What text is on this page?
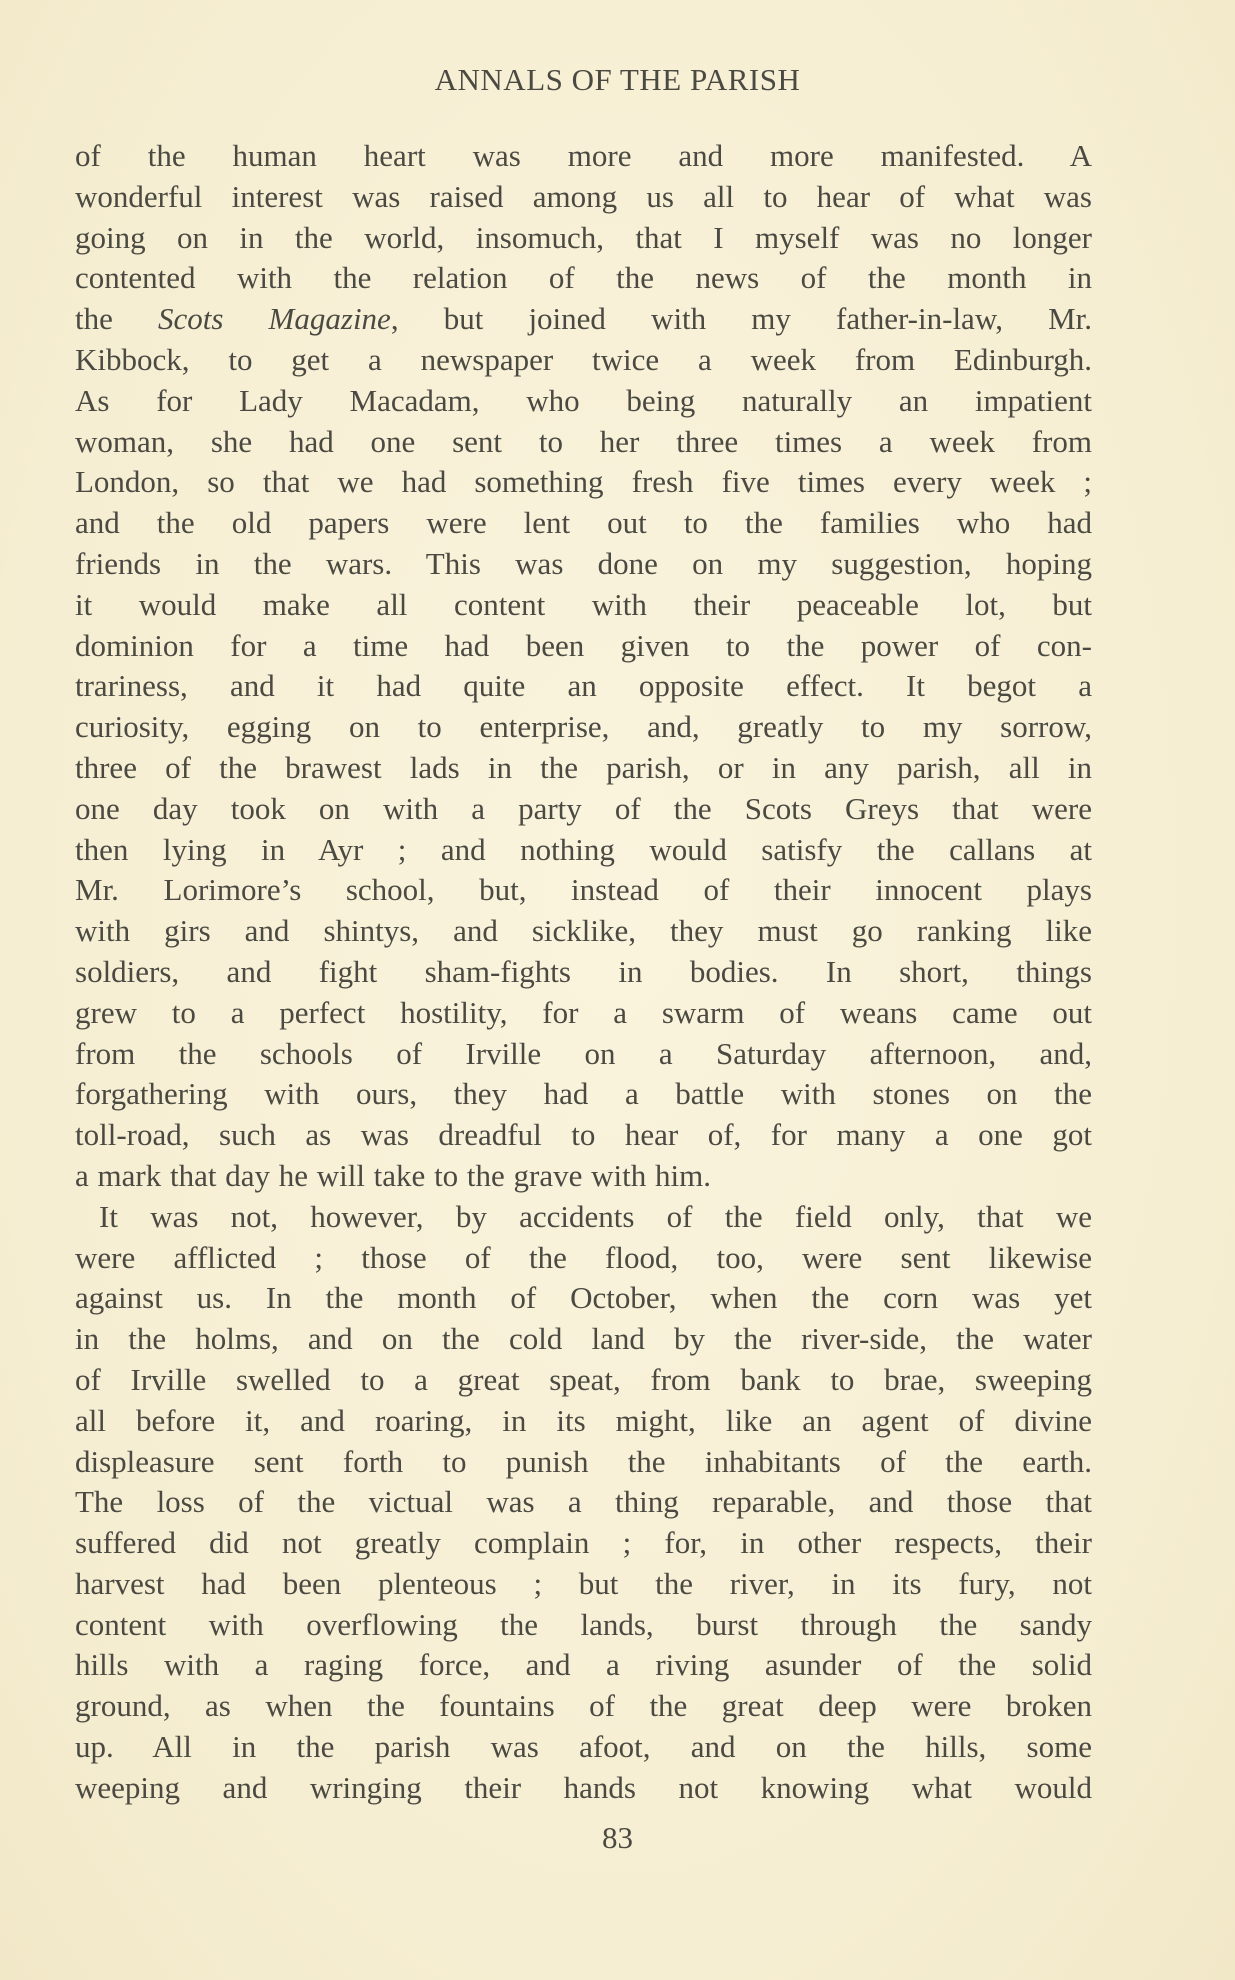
ANNALS OF THE PARISH
of the human heart was more and more manifested. A
wonderful interest was raised among us all to hear of what was
going on in the world, insomuch, that I myself was no longer
contented with the relation of the news of the month in
the Scots Magazine, but joined with my father-in-law, Mr.
Kibbock, to get a newspaper twice a week from Edinburgh.
As for Lady Macadam, who being naturally an impatient
woman, she had one sent to her three times a week from
London, so that we had something fresh five times every week ;
and the old papers were lent out to the families who had
friends in the wars. This was done on my suggestion, hoping
it would make all content with their peaceable lot, but
dominion for a time had been given to the power of con-
trariness, and it had quite an opposite effect. It begot a
curiosity, egging on to enterprise, and, greatly to my sorrow,
three of the brawest lads in the parish, or in any parish, all in
one day took on with a party of the Scots Greys that were
then lying in Ayr ; and nothing would satisfy the callans at
Mr. Lorimore’s school, but, instead of their innocent plays
with girs and shintys, and sicklike, they must go ranking like
soldiers, and fight sham-fights in bodies. In short, things
grew to a perfect hostility, for a swarm of weans came out
from the schools of Irville on a Saturday afternoon, and,
forgathering with ours, they had a battle with stones on the
toll-road, such as was dreadful to hear of, for many a one got
a mark that day he will take to the grave with him.
It was not, however, by accidents of the field only, that we
were afflicted ; those of the flood, too, were sent likewise
against us. In the month of October, when the corn was yet
in the holms, and on the cold land by the river-side, the water
of Irville swelled to a great speat, from bank to brae, sweeping
all before it, and roaring, in its might, like an agent of divine
displeasure sent forth to punish the inhabitants of the earth.
The loss of the victual was a thing reparable, and those that
suffered did not greatly complain ; for, in other respects, their
harvest had been plenteous ; but the river, in its fury, not
content with overflowing the lands, burst through the sandy
hills with a raging force, and a riving asunder of the solid
ground, as when the fountains of the great deep were broken
up. All in the parish was afoot, and on the hills, some
weeping and wringing their hands not knowing what would
83
